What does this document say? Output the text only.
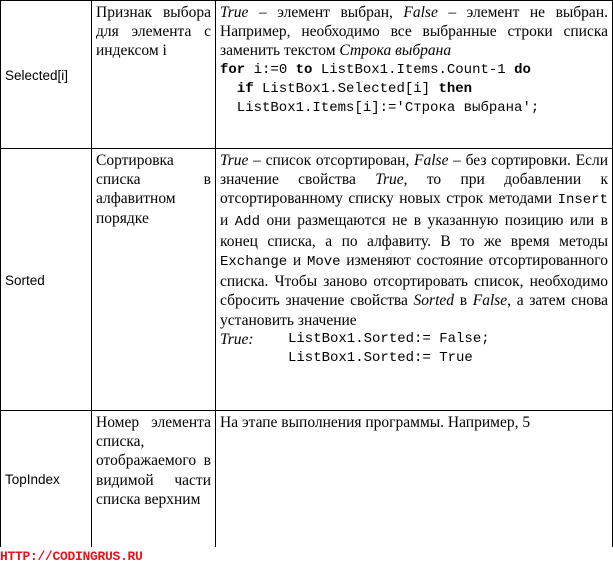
Selected[i]	Признак выбора для элемента с индексом i	True – элемент выбран, False – элемент не выбран. Например, необходимо все выбранные строки списка заменить текстом Строка выбрана
for i:=0 to ListBox1.Items.Count-1 do
if ListBox1.Selected[i] then
ListBox1.Items[i]:='Строка выбрана';

Sorted	Сортировка списка в алфавитном порядке	True – список отсортирован, False – без сортировки. Если значение свойства True, то при добавлении к отсортированному списку новых строк методами Insert и Add они размещаются не в указанную позицию или в конец списка, а по алфавиту. В то же время методы Exchange и Move изменяют состояние отсортированного списка. Чтобы заново отсортировать список, необходимо сбросить значение свойства Sorted в False, а затем снова установить значение
True: ListBox1.Sorted:= False;
ListBox1.Sorted:= True

TopIndex	Номер элемента списка, отображаемого в видимой части списка верхним	На этапе выполнения программы. Например, 5
HTTP://CODINGRUS.RU
